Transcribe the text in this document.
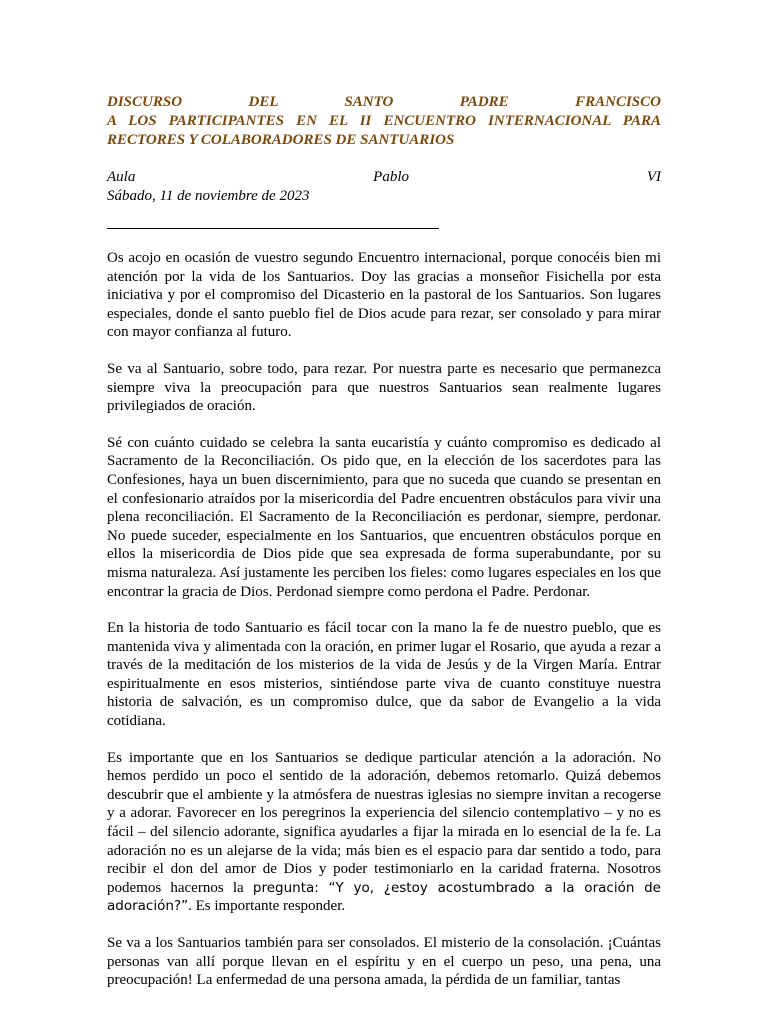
DISCURSO DEL SANTO PADRE FRANCISCO
A LOS PARTICIPANTES EN EL II ENCUENTRO INTERNACIONAL PARA
RECTORES Y COLABORADORES DE SANTUARIOS
Aula Pablo VI
Sábado, 11 de noviembre de 2023

Os acojo en ocasión de vuestro segundo Encuentro internacional, porque conocéis bien mi atención por la vida de los Santuarios. Doy las gracias a monseñor Fisichella por esta iniciativa y por el compromiso del Dicasterio en la pastoral de los Santuarios. Son lugares especiales, donde el santo pueblo fiel de Dios acude para rezar, ser consolado y para mirar con mayor confianza al futuro.

Se va al Santuario, sobre todo, para rezar. Por nuestra parte es necesario que permanezca siempre viva la preocupación para que nuestros Santuarios sean realmente lugares privilegiados de oración.

Sé con cuánto cuidado se celebra la santa eucaristía y cuánto compromiso es dedicado al Sacramento de la Reconciliación. Os pido que, en la elección de los sacerdotes para las Confesiones, haya un buen discernimiento, para que no suceda que cuando se presentan en el confesionario atraídos por la misericordia del Padre encuentren obstáculos para vivir una plena reconciliación. El Sacramento de la Reconciliación es perdonar, siempre, perdonar. No puede suceder, especialmente en los Santuarios, que encuentren obstáculos porque en ellos la misericordia de Dios pide que sea expresada de forma superabundante, por su misma naturaleza. Así justamente les perciben los fieles: como lugares especiales en los que encontrar la gracia de Dios. Perdonad siempre como perdona el Padre. Perdonar.

En la historia de todo Santuario es fácil tocar con la mano la fe de nuestro pueblo, que es mantenida viva y alimentada con la oración, en primer lugar el Rosario, que ayuda a rezar a través de la meditación de los misterios de la vida de Jesús y de la Virgen María. Entrar espiritualmente en esos misterios, sintiéndose parte viva de cuanto constituye nuestra historia de salvación, es un compromiso dulce, que da sabor de Evangelio a la vida cotidiana.

Es importante que en los Santuarios se dedique particular atención a la adoración. No hemos perdido un poco el sentido de la adoración, debemos retomarlo. Quizá debemos descubrir que el ambiente y la atmósfera de nuestras iglesias no siempre invitan a recogerse y a adorar. Favorecer en los peregrinos la experiencia del silencio contemplativo – y no es fácil – del silencio adorante, significa ayudarles a fijar la mirada en lo esencial de la fe. La adoración no es un alejarse de la vida; más bien es el espacio para dar sentido a todo, para recibir el don del amor de Dios y poder testimoniarlo en la caridad fraterna. Nosotros podemos hacernos la pregunta: “Y yo, ¿estoy acostumbrado a la oración de adoración?”. Es importante responder.

Se va a los Santuarios también para ser consolados. El misterio de la consolación. ¡Cuántas personas van allí porque llevan en el espíritu y en el cuerpo un peso, una pena, una preocupación! La enfermedad de una persona amada, la pérdida de un familiar, tantas
